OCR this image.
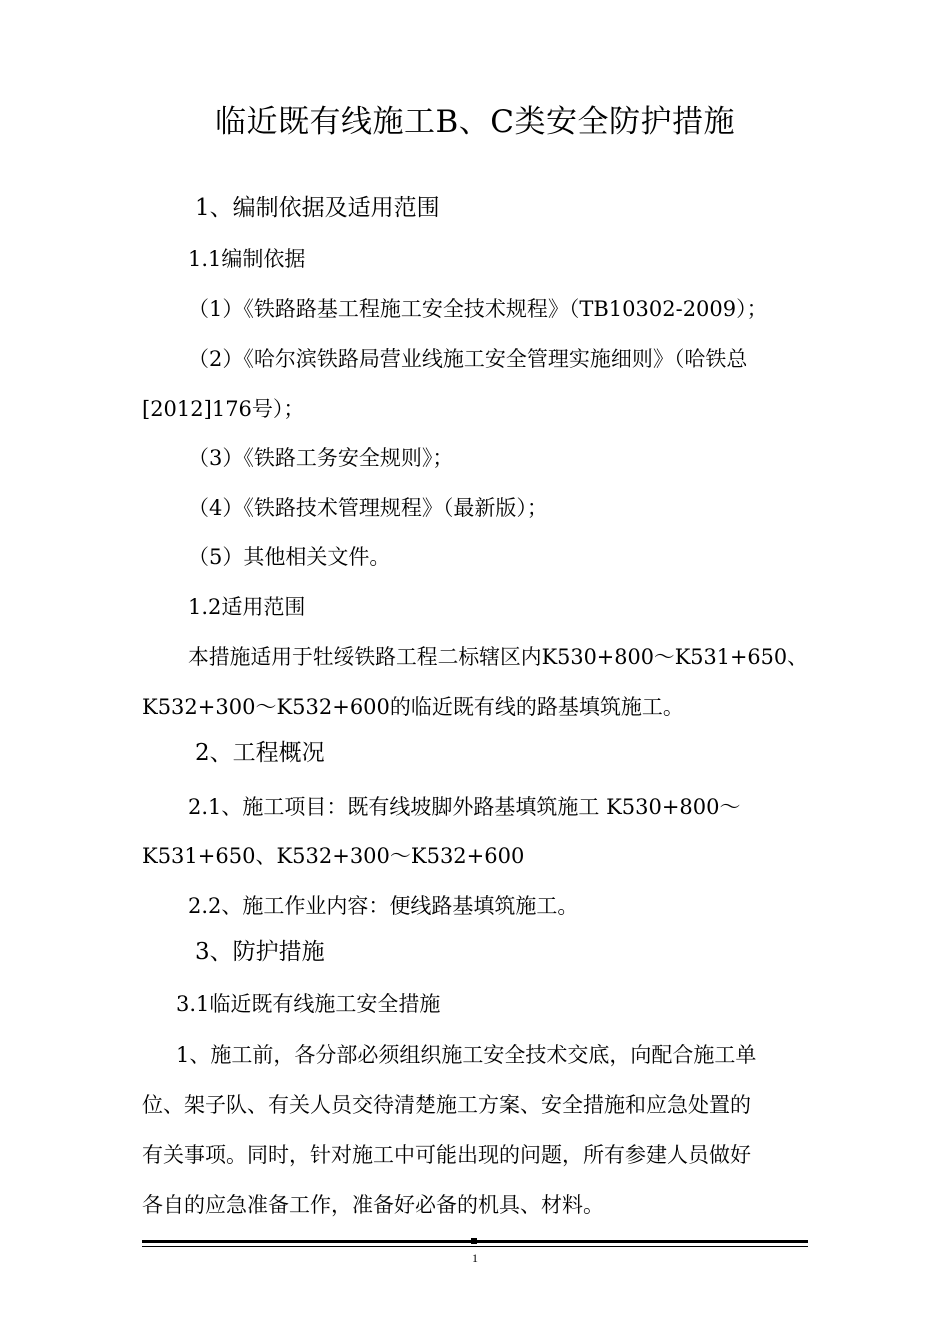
临近既有线施工B、C类安全防护措施
1、编制依据及适用范围
1.1编制依据
（1）《铁路路基工程施工安全技术规程》（TB10302-2009）；
（2）《哈尔滨铁路局营业线施工安全管理实施细则》（哈铁总
[2012]176号）；
（3）《铁路工务安全规则》；
（4）《铁路技术管理规程》（最新版）；
（5）其他相关文件。
1.2适用范围
本措施适用于牡绥铁路工程二标辖区内K530+800～K531+650、
K532+300～K532+600的临近既有线的路基填筑施工。
2、工程概况
2.1、施工项目：既有线坡脚外路基填筑施工 K530+800～
K531+650、K532+300～K532+600
2.2、施工作业内容：便线路基填筑施工。
3、防护措施
3.1临近既有线施工安全措施
1、施工前，各分部必须组织施工安全技术交底，向配合施工单
位、架子队、有关人员交待清楚施工方案、安全措施和应急处置的
有关事项。同时，针对施工中可能出现的问题，所有参建人员做好
各自的应急准备工作，准备好必备的机具、材料。
1
